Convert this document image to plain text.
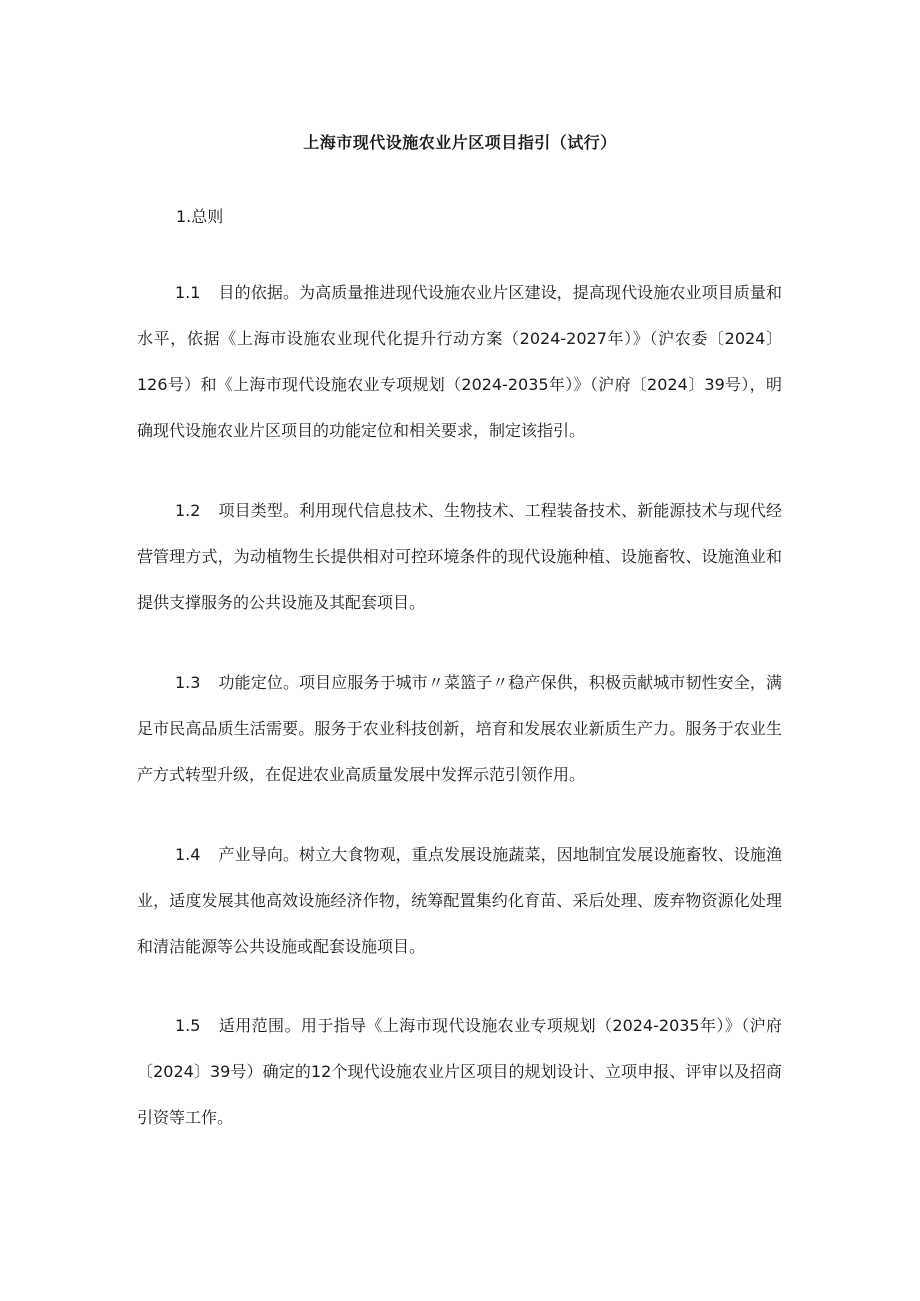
上海市现代设施农业片区项目指引（试行）

1.总则

1.1 目的依据。为高质量推进现代设施农业片区建设，提高现代设施农业项目质量和水平，依据《上海市设施农业现代化提升行动方案（2024-2027年）》（沪农委〔2024〕126号）和《上海市现代设施农业专项规划（2024-2035年）》（沪府〔2024〕39号），明确现代设施农业片区项目的功能定位和相关要求，制定该指引。

1.2 项目类型。利用现代信息技术、生物技术、工程装备技术、新能源技术与现代经营管理方式，为动植物生长提供相对可控环境条件的现代设施种植、设施畜牧、设施渔业和提供支撑服务的公共设施及其配套项目。

1.3 功能定位。项目应服务于城市〃菜篮子〃稳产保供，积极贡献城市韧性安全，满足市民高品质生活需要。服务于农业科技创新，培育和发展农业新质生产力。服务于农业生产方式转型升级，在促进农业高质量发展中发挥示范引领作用。

1.4 产业导向。树立大食物观，重点发展设施蔬菜，因地制宜发展设施畜牧、设施渔业，适度发展其他高效设施经济作物，统筹配置集约化育苗、采后处理、废弃物资源化处理和清洁能源等公共设施或配套设施项目。

1.5 适用范围。用于指导《上海市现代设施农业专项规划（2024-2035年）》（沪府〔2024〕39号）确定的12个现代设施农业片区项目的规划设计、立项申报、评审以及招商引资等工作。
